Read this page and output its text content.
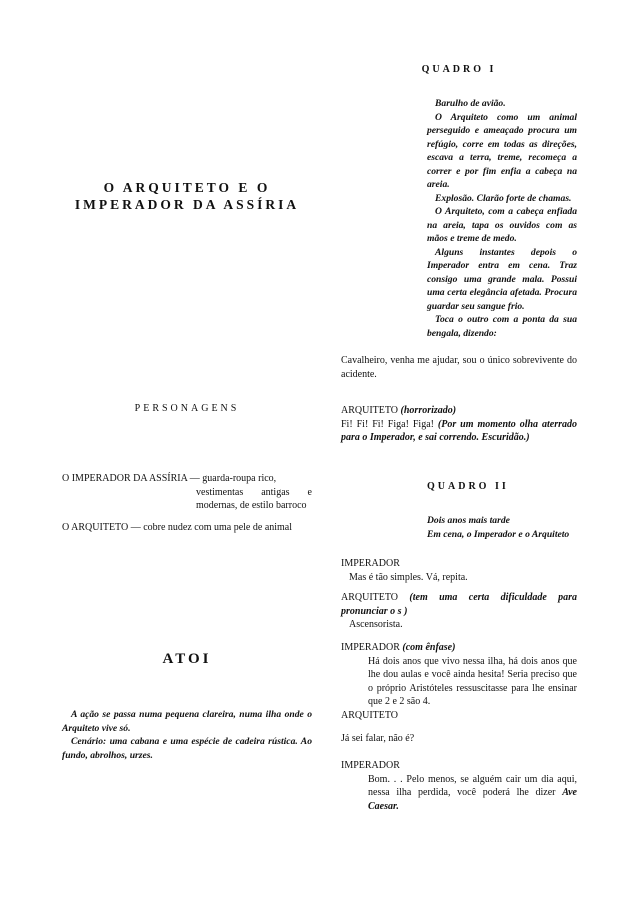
O ARQUITETO E O
IMPERADOR DA ASSÍRIA
PERSONAGENS

O IMPERADOR DA ASSÍRIA — guarda-roupa rico,

vestimentas antigas e modernas, de estilo barroco

O ARQUITETO — cobre nudez com uma pele de animal
ATOI

A ação se passa numa pequena clareira, numa ilha onde o Arquiteto vive só.

Cenário: uma cabana e uma espécie de cadeira rústica. Ao fundo, abrolhos, urzes.

QUADRO I

Barulho de avião.

O Arquiteto como um animal perseguido e ameaçado procura um refúgio, corre em todas as direções, escava a terra, treme, recomeça a correr e por fim enfia a cabeça na areia.

Explosão. Clarão forte de chamas.

O Arquiteto, com a cabeça enfiada na areia, tapa os ouvidos com as mãos e treme de medo.

Alguns instantes depois o Imperador entra em cena. Traz consigo uma grande mala. Possui uma certa elegância afetada. Procura guardar seu sangue frio.

Toca o outro com a ponta da sua bengala, dizendo:

Cavalheiro, venha me ajudar, sou o único sobrevivente do acidente.

ARQUITETO (horrorizado)

Fi! Fi! Fi! Figa! Figa! (Por um momento olha aterrado para o Imperador, e sai correndo. Escuridão.)

QUADRO II

Dois anos mais tarde

Em cena, o Imperador e o Arquiteto

IMPERADOR

Mas é tão simples. Vá, repita.

ARQUITETO (tem uma certa dificuldade para pronunciar o s )

Ascensorista.

IMPERADOR (com ênfase)

Há dois anos que vivo nessa ilha, há dois anos que lhe dou aulas e você ainda hesita! Seria preciso que o próprio Aristóteles ressuscitasse para lhe ensinar que 2 e 2 são 4.

ARQUITETO

Já sei falar, não é?

IMPERADOR

Bom. . . Pelo menos, se alguém cair um dia aqui, nessa ilha perdida, você poderá lhe dizer Ave Caesar.
